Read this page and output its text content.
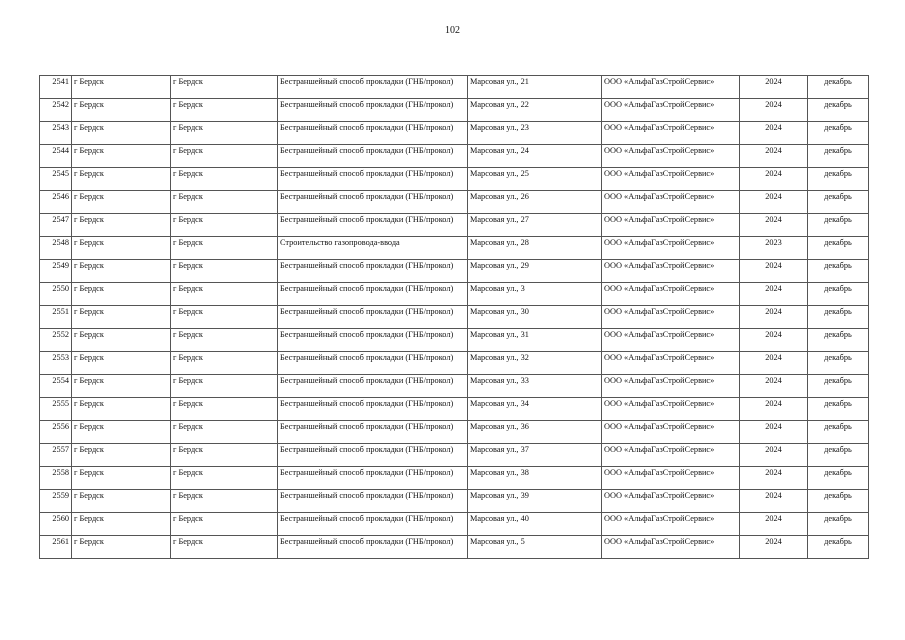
102
2541	г Бердск	г Бердск	Бестраншейный способ прокладки (ГНБ/прокол)	Марсовая ул., 21	ООО «АльфаГазСтройСервис»	2024	декабрь
2542	г Бердск	г Бердск	Бестраншейный способ прокладки (ГНБ/прокол)	Марсовая ул., 22	ООО «АльфаГазСтройСервис»	2024	декабрь
2543	г Бердск	г Бердск	Бестраншейный способ прокладки (ГНБ/прокол)	Марсовая ул., 23	ООО «АльфаГазСтройСервис»	2024	декабрь
2544	г Бердск	г Бердск	Бестраншейный способ прокладки (ГНБ/прокол)	Марсовая ул., 24	ООО «АльфаГазСтройСервис»	2024	декабрь
2545	г Бердск	г Бердск	Бестраншейный способ прокладки (ГНБ/прокол)	Марсовая ул., 25	ООО «АльфаГазСтройСервис»	2024	декабрь
2546	г Бердск	г Бердск	Бестраншейный способ прокладки (ГНБ/прокол)	Марсовая ул., 26	ООО «АльфаГазСтройСервис»	2024	декабрь
2547	г Бердск	г Бердск	Бестраншейный способ прокладки (ГНБ/прокол)	Марсовая ул., 27	ООО «АльфаГазСтройСервис»	2024	декабрь
2548	г Бердск	г Бердск	Строительство газопровода-ввода	Марсовая ул., 28	ООО «АльфаГазСтройСервис»	2023	декабрь
2549	г Бердск	г Бердск	Бестраншейный способ прокладки (ГНБ/прокол)	Марсовая ул., 29	ООО «АльфаГазСтройСервис»	2024	декабрь
2550	г Бердск	г Бердск	Бестраншейный способ прокладки (ГНБ/прокол)	Марсовая ул., 3	ООО «АльфаГазСтройСервис»	2024	декабрь
2551	г Бердск	г Бердск	Бестраншейный способ прокладки (ГНБ/прокол)	Марсовая ул., 30	ООО «АльфаГазСтройСервис»	2024	декабрь
2552	г Бердск	г Бердск	Бестраншейный способ прокладки (ГНБ/прокол)	Марсовая ул., 31	ООО «АльфаГазСтройСервис»	2024	декабрь
2553	г Бердск	г Бердск	Бестраншейный способ прокладки (ГНБ/прокол)	Марсовая ул., 32	ООО «АльфаГазСтройСервис»	2024	декабрь
2554	г Бердск	г Бердск	Бестраншейный способ прокладки (ГНБ/прокол)	Марсовая ул., 33	ООО «АльфаГазСтройСервис»	2024	декабрь
2555	г Бердск	г Бердск	Бестраншейный способ прокладки (ГНБ/прокол)	Марсовая ул., 34	ООО «АльфаГазСтройСервис»	2024	декабрь
2556	г Бердск	г Бердск	Бестраншейный способ прокладки (ГНБ/прокол)	Марсовая ул., 36	ООО «АльфаГазСтройСервис»	2024	декабрь
2557	г Бердск	г Бердск	Бестраншейный способ прокладки (ГНБ/прокол)	Марсовая ул., 37	ООО «АльфаГазСтройСервис»	2024	декабрь
2558	г Бердск	г Бердск	Бестраншейный способ прокладки (ГНБ/прокол)	Марсовая ул., 38	ООО «АльфаГазСтройСервис»	2024	декабрь
2559	г Бердск	г Бердск	Бестраншейный способ прокладки (ГНБ/прокол)	Марсовая ул., 39	ООО «АльфаГазСтройСервис»	2024	декабрь
2560	г Бердск	г Бердск	Бестраншейный способ прокладки (ГНБ/прокол)	Марсовая ул., 40	ООО «АльфаГазСтройСервис»	2024	декабрь
2561	г Бердск	г Бердск	Бестраншейный способ прокладки (ГНБ/прокол)	Марсовая ул., 5	ООО «АльфаГазСтройСервис»	2024	декабрь
